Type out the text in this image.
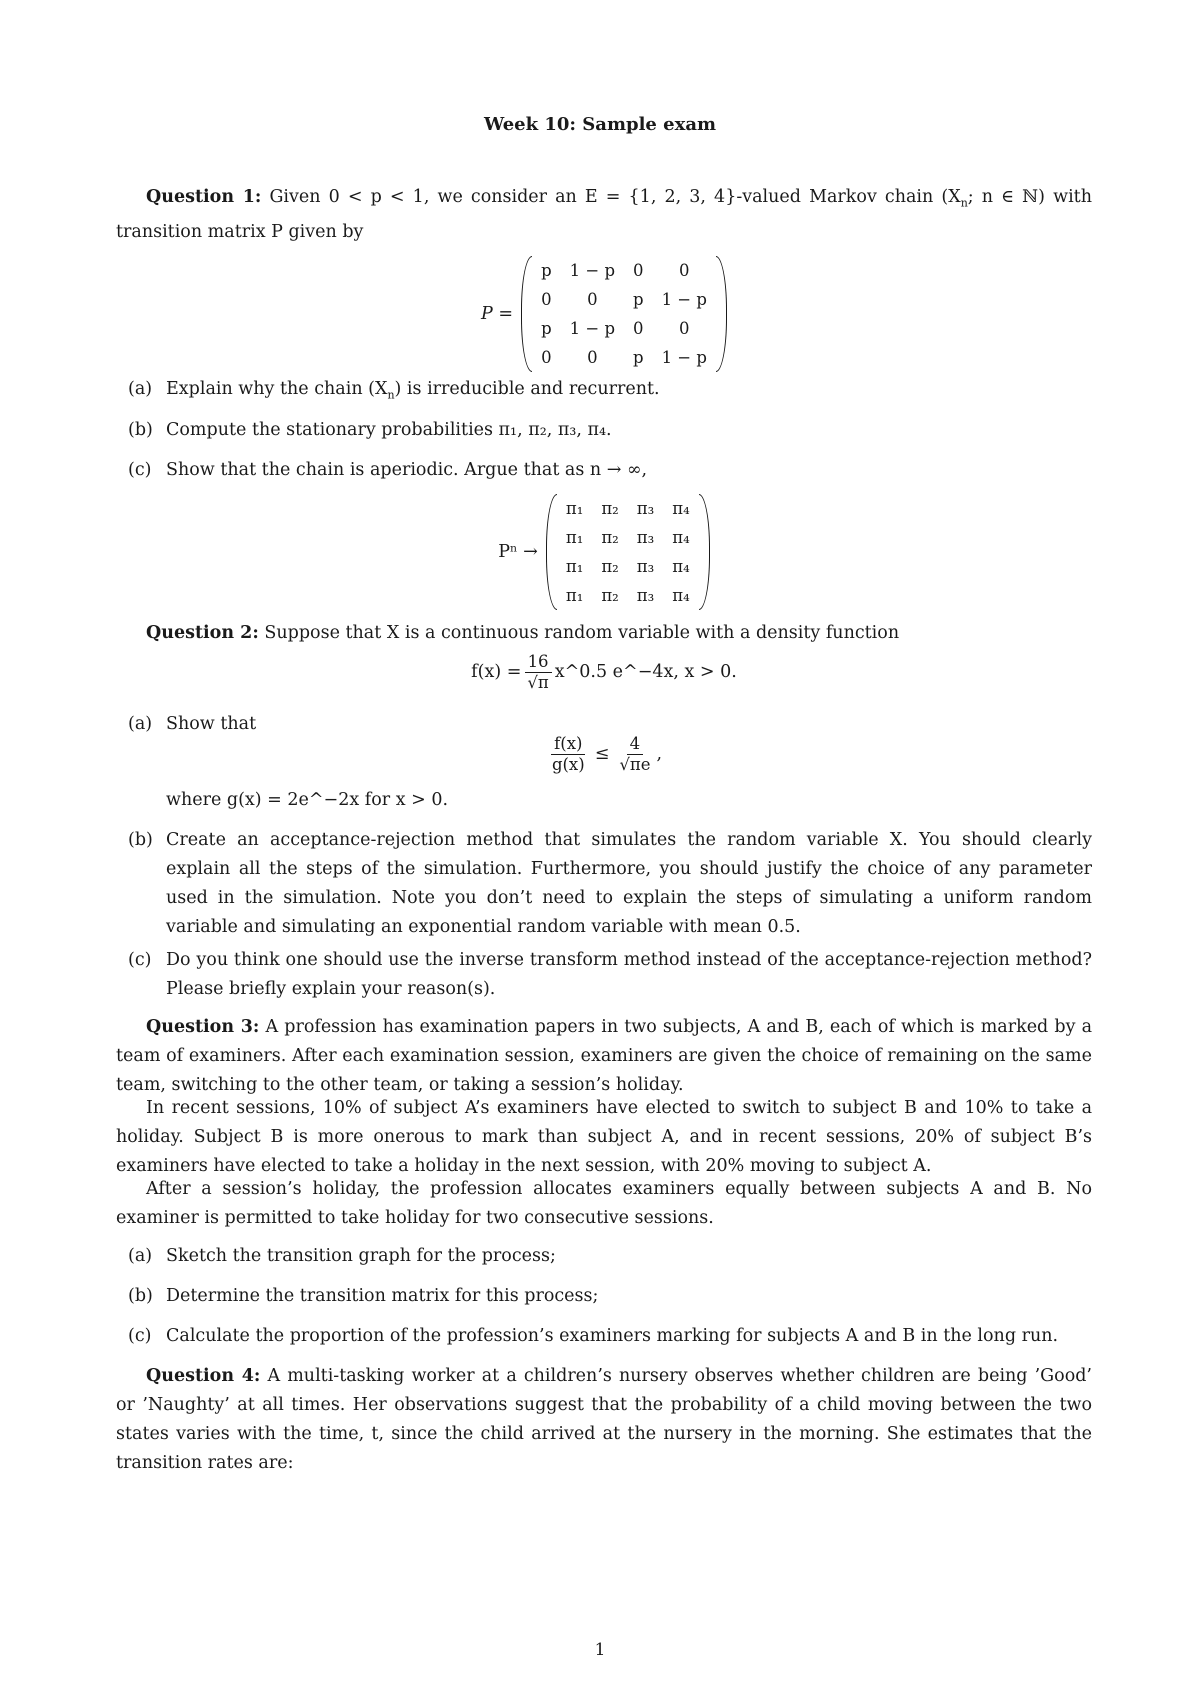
Week 10: Sample exam

Question 1: Given 0 < p < 1, we consider an E = {1, 2, 3, 4}-valued Markov chain ($X_n$; n ∈ ℕ) with transition matrix P given by

P =
p	1 − p	0	0
0	0	p	1 − p
p	1 − p	0	0
0	0	p	1 − p
(a) Explain why the chain $(X_n)$ is irreducible and recurrent.
(b) Compute the stationary probabilities π₁, π₂, π₃, π₄.
(c) Show that the chain is aperiodic. Argue that as n → ∞,
Pⁿ →
π₁	π₂	π₃	π₄
π₁	π₂	π₃	π₄
π₁	π₂	π₃	π₄
π₁	π₂	π₃	π₄

Question 2: Suppose that X is a continuous random variable with a density function

$f(x) = \frac{16}{√\pi}$ x^0.5 e^−4x, x > 0.
(a) Show that
$\frac{f(x)}{g(x)} \le \frac{4}{√\pi e}$ ,
where g(x) = 2e^−2x for x > 0.
(b) Create an acceptance-rejection method that simulates the random variable X. You should clearly explain all the steps of the simulation. Furthermore, you should justify the choice of any parameter used in the simulation. Note you don’t need to explain the steps of simulating a uniform random variable and simulating an exponential random variable with mean 0.5.
(c) Do you think one should use the inverse transform method instead of the acceptance-rejection method? Please briefly explain your reason(s).

Question 3: A profession has examination papers in two subjects, A and B, each of which is marked by a team of examiners. After each examination session, examiners are given the choice of remaining on the same team, switching to the other team, or taking a session’s holiday.

In recent sessions, 10% of subject A’s examiners have elected to switch to subject B and 10% to take a holiday. Subject B is more onerous to mark than subject A, and in recent sessions, 20% of subject B’s examiners have elected to take a holiday in the next session, with 20% moving to subject A.

After a session’s holiday, the profession allocates examiners equally between subjects A and B. No examiner is permitted to take holiday for two consecutive sessions.

(a) Sketch the transition graph for the process;
(b) Determine the transition matrix for this process;
(c) Calculate the proportion of the profession’s examiners marking for subjects A and B in the long run.

Question 4: A multi-tasking worker at a children’s nursery observes whether children are being ’Good’ or ’Naughty’ at all times. Her observations suggest that the probability of a child moving between the two states varies with the time, t, since the child arrived at the nursery in the morning. She estimates that the transition rates are:

1
